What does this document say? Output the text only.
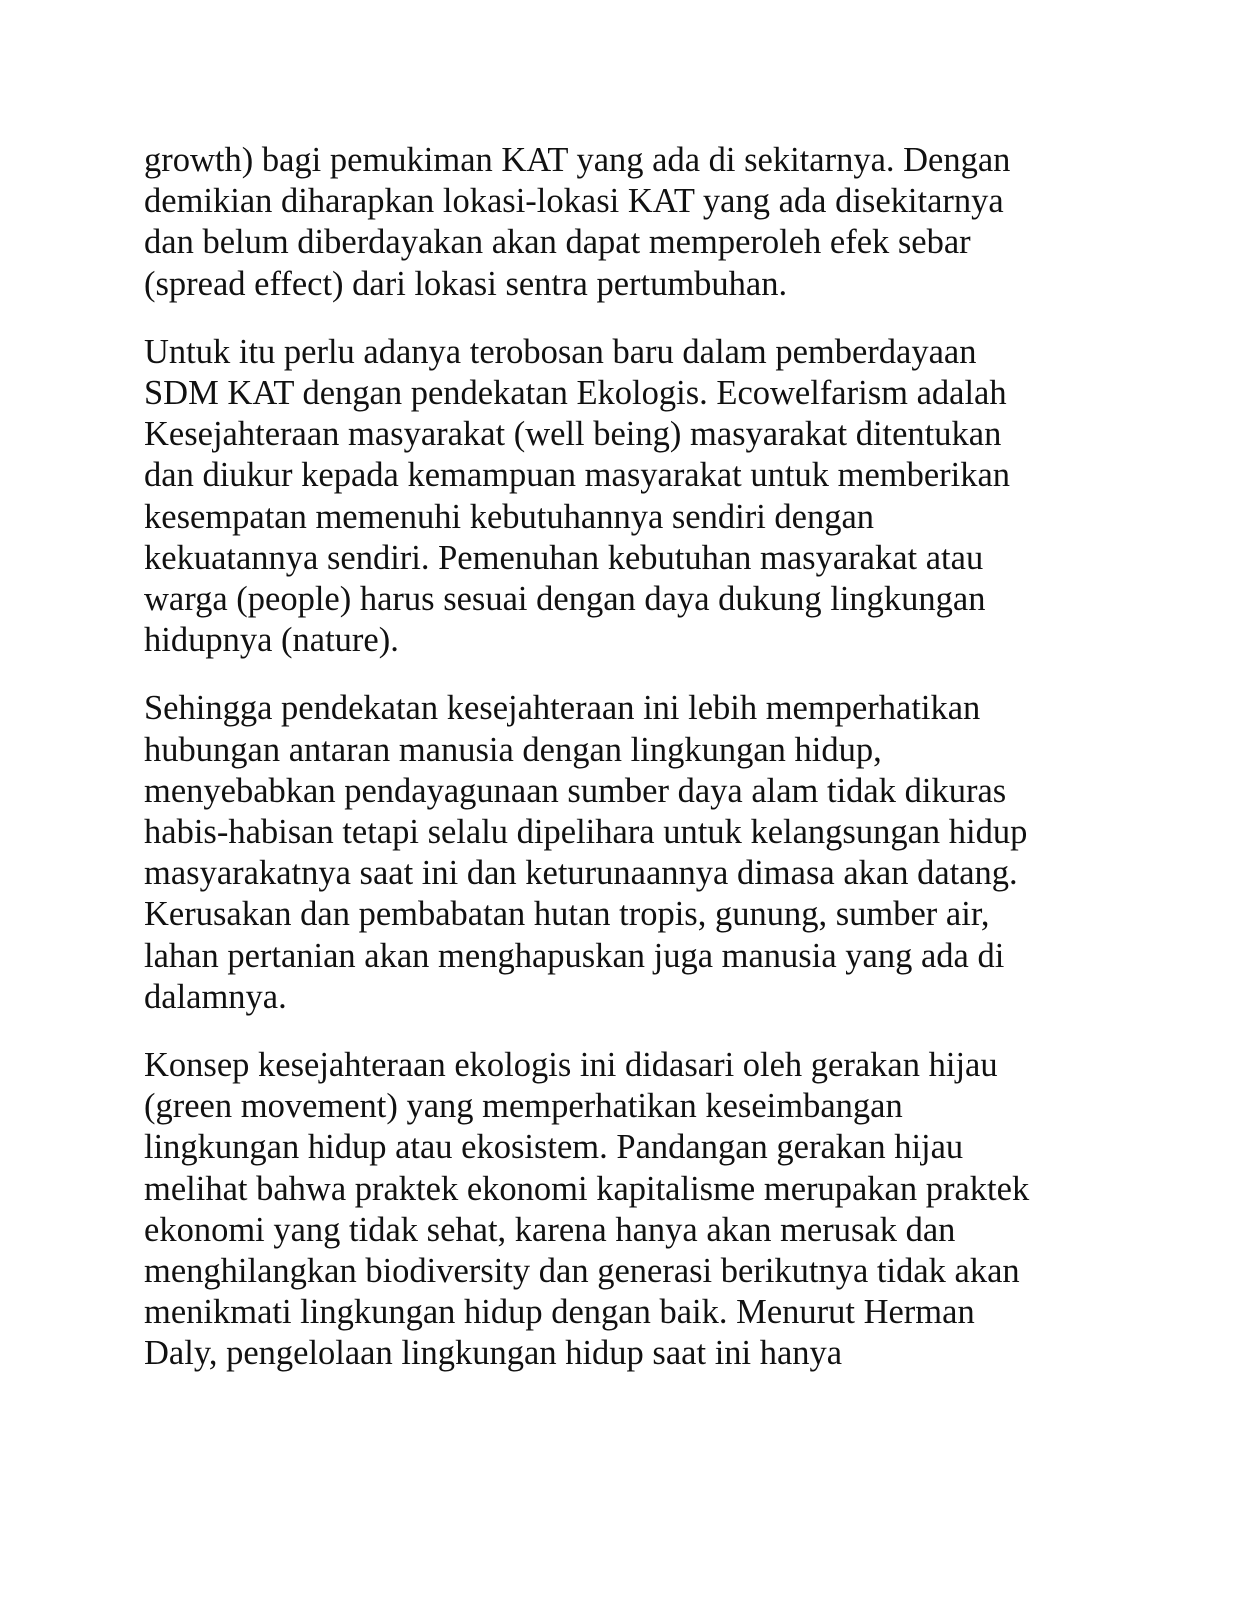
growth) bagi pemukiman KAT yang ada di sekitarnya. Dengan
demikian diharapkan lokasi-lokasi KAT yang ada disekitarnya
dan belum diberdayakan akan dapat memperoleh efek sebar
(spread effect) dari lokasi sentra pertumbuhan.

Untuk itu perlu adanya terobosan baru dalam pemberdayaan
SDM KAT dengan pendekatan Ekologis. Ecowelfarism adalah
Kesejahteraan masyarakat (well being) masyarakat ditentukan
dan diukur kepada kemampuan masyarakat untuk memberikan
kesempatan memenuhi kebutuhannya sendiri dengan
kekuatannya sendiri. Pemenuhan kebutuhan masyarakat atau
warga (people) harus sesuai dengan daya dukung lingkungan
hidupnya (nature).

Sehingga pendekatan kesejahteraan ini lebih memperhatikan
hubungan antaran manusia dengan lingkungan hidup,
menyebabkan pendayagunaan sumber daya alam tidak dikuras
habis-habisan tetapi selalu dipelihara untuk kelangsungan hidup
masyarakatnya saat ini dan keturunaannya dimasa akan datang.
Kerusakan dan pembabatan hutan tropis, gunung, sumber air,
lahan pertanian akan menghapuskan juga manusia yang ada di
dalamnya.

Konsep kesejahteraan ekologis ini didasari oleh gerakan hijau
(green movement) yang memperhatikan keseimbangan
lingkungan hidup atau ekosistem. Pandangan gerakan hijau
melihat bahwa praktek ekonomi kapitalisme merupakan praktek
ekonomi yang tidak sehat, karena hanya akan merusak dan
menghilangkan biodiversity dan generasi berikutnya tidak akan
menikmati lingkungan hidup dengan baik. Menurut Herman
Daly, pengelolaan lingkungan hidup saat ini hanya
